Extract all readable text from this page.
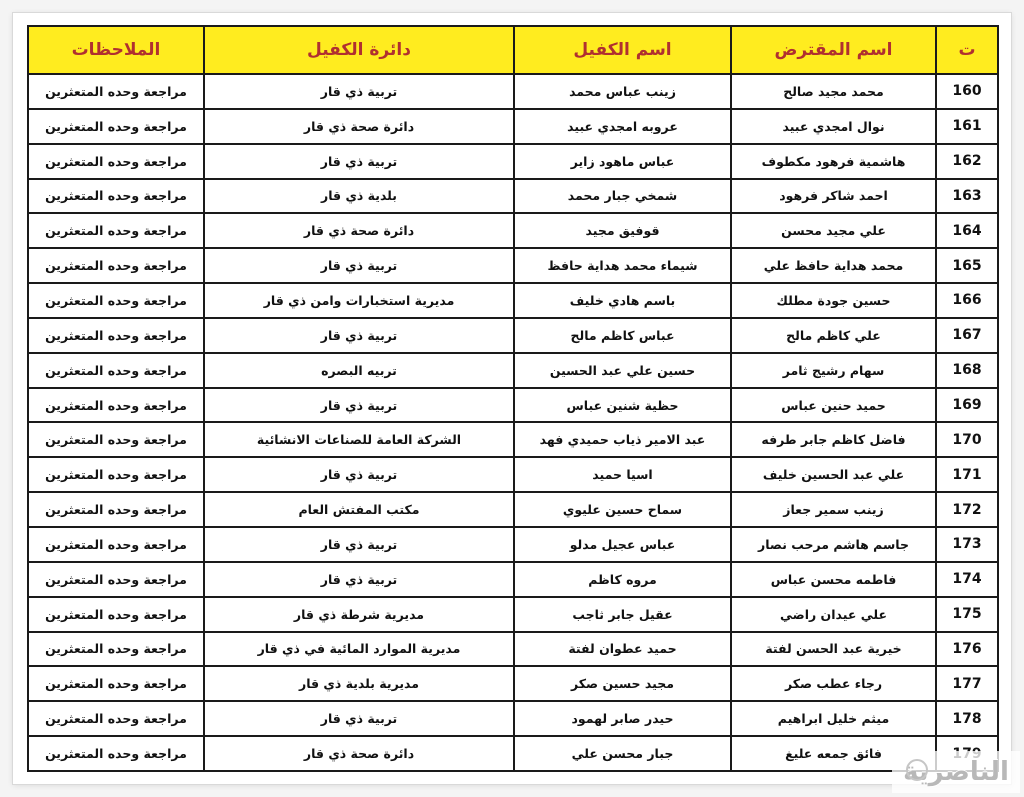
ت	اسم المقترض	اسم الكفيل	دائرة الكفيل	الملاحظات
160	محمد مجيد صالح	زينب عباس محمد	تربية ذي قار	مراجعة وحده المتعثرين
161	نوال امجدي عبيد	عروبه امجدي عبيد	دائرة صحة ذي قار	مراجعة وحده المتعثرين
162	هاشمية فرهود مكطوف	عباس ماهود زاير	تربية ذي قار	مراجعة وحده المتعثرين
163	احمد شاكر فرهود	شمخي جبار محمد	بلدية ذي قار	مراجعة وحده المتعثرين
164	علي مجيد محسن	قوفيق مجيد	دائرة صحة ذي قار	مراجعة وحده المتعثرين
165	محمد هداية حافظ علي	شيماء محمد هداية حافظ	تربية ذي قار	مراجعة وحده المتعثرين
166	حسين جودة مطلك	باسم هادي خليف	مديرية استخبارات وامن ذي قار	مراجعة وحده المتعثرين
167	علي كاظم مالح	عباس كاظم مالح	تربية ذي قار	مراجعة وحده المتعثرين
168	سهام رشيج ثامر	حسين علي عبد الحسين	تربيه البصره	مراجعة وحده المتعثرين
169	حميد حنين عباس	حظية شنين عباس	تربية ذي قار	مراجعة وحده المتعثرين
170	فاضل كاظم جابر طرفه	عبد الامير ذياب حميدي فهد	الشركة العامة للصناعات الانشائية	مراجعة وحده المتعثرين
171	علي عبد الحسين خليف	اسيا حميد	تربية ذي قار	مراجعة وحده المتعثرين
172	زينب سمير جعاز	سماح حسين عليوي	مكتب المفتش العام	مراجعة وحده المتعثرين
173	جاسم هاشم مرحب نصار	عباس عجيل مدلو	تربية ذي قار	مراجعة وحده المتعثرين
174	فاطمه محسن عباس	مروه كاظم	تربية ذي قار	مراجعة وحده المتعثرين
175	علي عيدان راضي	عقيل جابر ثاجب	مديرية شرطة ذي قار	مراجعة وحده المتعثرين
176	خيرية عبد الحسن لفتة	حميد عطوان لفتة	مديرية الموارد المائية في ذي قار	مراجعة وحده المتعثرين
177	رجاء عطب صكر	مجيد حسين صكر	مديرية بلدية ذي قار	مراجعة وحده المتعثرين
178	ميثم خليل ابراهيم	حيدر صابر لهمود	تربية ذي قار	مراجعة وحده المتعثرين
	فائق جمعه عليغ	جبار محسن علي	دائرة صحة ذي قار	مراجعة وحده المتعثرين
الناصرية
